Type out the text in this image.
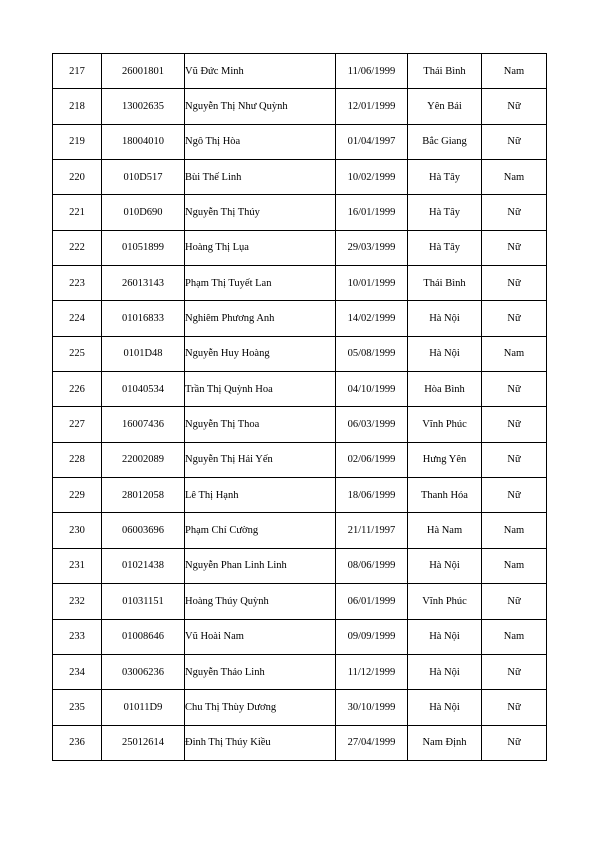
217	26001801	Vũ Đức Minh	11/06/1999	Thái Bình	Nam
218	13002635	Nguyễn Thị Như Quỳnh	12/01/1999	Yên Bái	Nữ
219	18004010	Ngô Thị Hòa	01/04/1997	Bắc Giang	Nữ
220	010D517	Bùi Thế Linh	10/02/1999	Hà Tây	Nam
221	010D690	Nguyễn Thị Thúy	16/01/1999	Hà Tây	Nữ
222	01051899	Hoàng Thị Lụa	29/03/1999	Hà Tây	Nữ
223	26013143	Phạm Thị Tuyết Lan	10/01/1999	Thái Bình	Nữ
224	01016833	Nghiêm Phương Anh	14/02/1999	Hà Nội	Nữ
225	0101D48	Nguyễn Huy Hoàng	05/08/1999	Hà Nội	Nam
226	01040534	Trần Thị Quỳnh Hoa	04/10/1999	Hòa Bình	Nữ
227	16007436	Nguyễn Thị Thoa	06/03/1999	Vĩnh Phúc	Nữ
228	22002089	Nguyễn Thị Hải Yến	02/06/1999	Hưng Yên	Nữ
229	28012058	Lê Thị Hạnh	18/06/1999	Thanh Hóa	Nữ
230	06003696	Phạm Chí Cường	21/11/1997	Hà Nam	Nam
231	01021438	Nguyễn Phan Linh Linh	08/06/1999	Hà Nội	Nam
232	01031151	Hoàng Thúy Quỳnh	06/01/1999	Vĩnh Phúc	Nữ
233	01008646	Vũ Hoài Nam	09/09/1999	Hà Nội	Nam
234	03006236	Nguyễn Thảo Linh	11/12/1999	Hà Nội	Nữ
235	01011D9	Chu Thị Thùy Dương	30/10/1999	Hà Nội	Nữ
236	25012614	Đinh Thị Thúy Kiều	27/04/1999	Nam Định	Nữ
